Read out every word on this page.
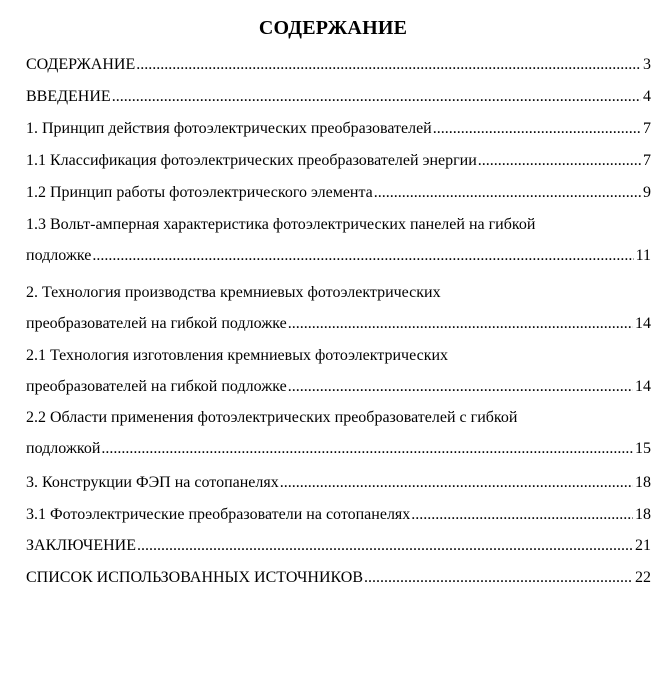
СОДЕРЖАНИЕ
СОДЕРЖАНИЕ .....	3
ВВЕДЕНИЕ .....	4
1. Принцип действия фотоэлектрических преобразователей .....	7
1.1 Классификация фотоэлектрических преобразователей энергии .....	7
1.2 Принцип работы фотоэлектрического элемента .....	9
1.3 Вольт-амперная характеристика фотоэлектрических панелей на гибкой
подложке .....	11
2. Технология производства кремниевых фотоэлектрических
преобразователей на гибкой подложке .....	14
2.1 Технология изготовления кремниевых фотоэлектрических
преобразователей на гибкой подложке .....	14
2.2 Области применения фотоэлектрических преобразователей с гибкой
подложкой .....	15
3. Конструкции ФЭП на сотопанелях .....	18
3.1 Фотоэлектрические преобразователи на сотопанелях .....	18
ЗАКЛЮЧЕНИЕ .....	21
СПИСОК ИСПОЛЬЗОВАННЫХ ИСТОЧНИКОВ .....	22
